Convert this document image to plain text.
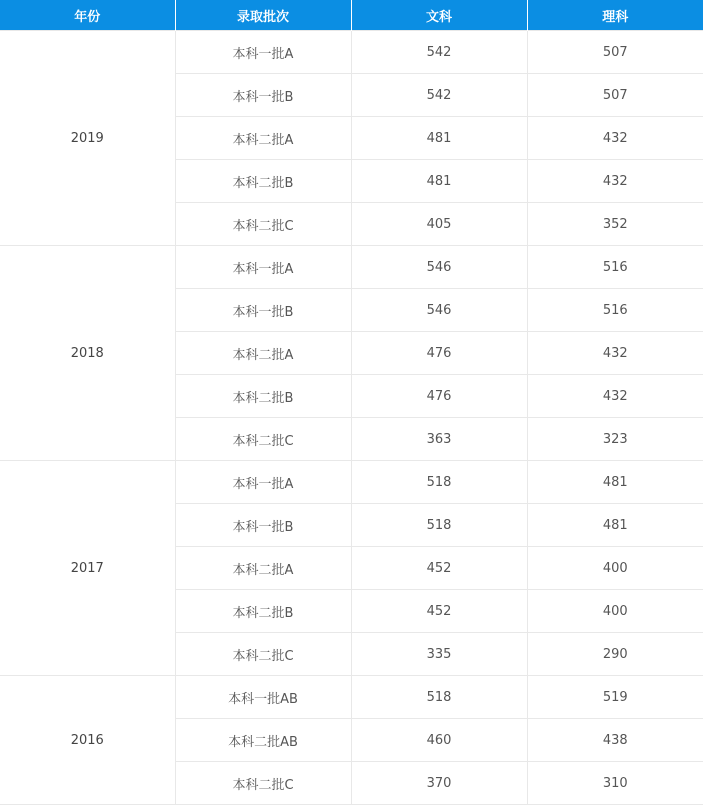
年份	录取批次	文科	理科
2019	本科一批A	542	507
	本科一批B	542	507
	本科二批A	481	432
	本科二批B	481	432
	本科二批C	405	352
2018	本科一批A	546	516
	本科一批B	546	516
	本科二批A	476	432
	本科二批B	476	432
	本科二批C	363	323
2017	本科一批A	518	481
	本科一批B	518	481
	本科二批A	452	400
	本科二批B	452	400
	本科二批C	335	290
2016	本科一批AB	518	519
	本科二批AB	460	438
	本科二批C	370	310
